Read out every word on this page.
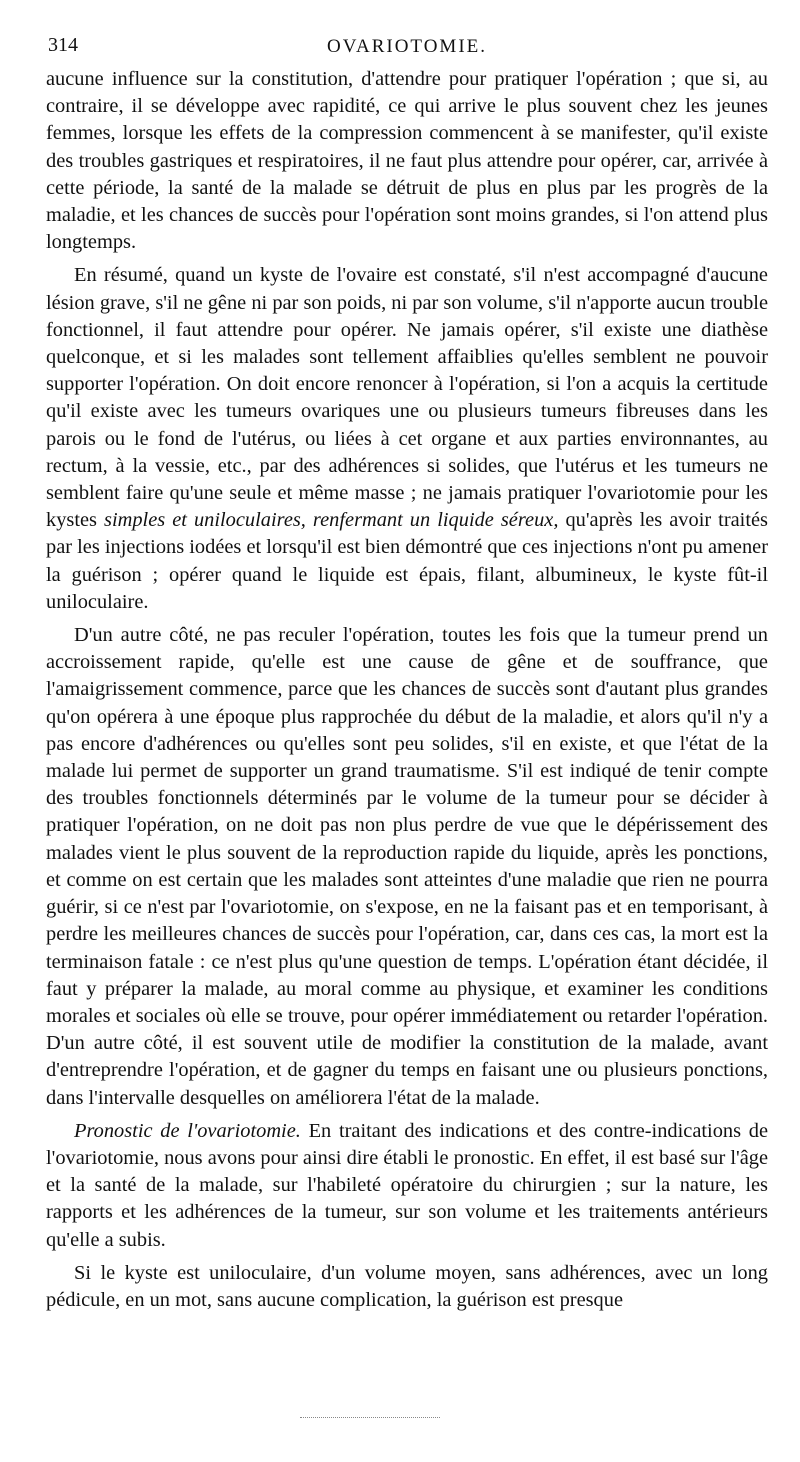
314	OVARIOTOMIE.

aucune influence sur la constitution, d'attendre pour pratiquer l'opération ; que si, au contraire, il se développe avec rapidité, ce qui arrive le plus souvent chez les jeunes femmes, lorsque les effets de la compression commencent à se manifester, qu'il existe des troubles gastriques et respiratoires, il ne faut plus attendre pour opérer, car, arrivée à cette période, la santé de la malade se détruit de plus en plus par les progrès de la maladie, et les chances de succès pour l'opération sont moins grandes, si l'on attend plus longtemps.

En résumé, quand un kyste de l'ovaire est constaté, s'il n'est accompagné d'aucune lésion grave, s'il ne gêne ni par son poids, ni par son volume, s'il n'apporte aucun trouble fonctionnel, il faut attendre pour opérer. Ne jamais opérer, s'il existe une diathèse quelconque, et si les malades sont tellement affaiblies qu'elles semblent ne pouvoir supporter l'opération. On doit encore renoncer à l'opération, si l'on a acquis la certitude qu'il existe avec les tumeurs ovariques une ou plusieurs tumeurs fibreuses dans les parois ou le fond de l'utérus, ou liées à cet organe et aux parties environnantes, au rectum, à la vessie, etc., par des adhérences si solides, que l'utérus et les tumeurs ne semblent faire qu'une seule et même masse ; ne jamais pratiquer l'ovariotomie pour les kystes simples et uniloculaires, renfermant un liquide séreux, qu'après les avoir traités par les injections iodées et lorsqu'il est bien démontré que ces injections n'ont pu amener la guérison ; opérer quand le liquide est épais, filant, albumineux, le kyste fût-il uniloculaire.

D'un autre côté, ne pas reculer l'opération, toutes les fois que la tumeur prend un accroissement rapide, qu'elle est une cause de gêne et de souffrance, que l'amaigrissement commence, parce que les chances de succès sont d'autant plus grandes qu'on opérera à une époque plus rapprochée du début de la maladie, et alors qu'il n'y a pas encore d'adhérences ou qu'elles sont peu solides, s'il en existe, et que l'état de la malade lui permet de supporter un grand traumatisme. S'il est indiqué de tenir compte des troubles fonctionnels déterminés par le volume de la tumeur pour se décider à pratiquer l'opération, on ne doit pas non plus perdre de vue que le dépérissement des malades vient le plus souvent de la reproduction rapide du liquide, après les ponctions, et comme on est certain que les malades sont atteintes d'une maladie que rien ne pourra guérir, si ce n'est par l'ovariotomie, on s'expose, en ne la faisant pas et en temporisant, à perdre les meilleures chances de succès pour l'opération, car, dans ces cas, la mort est la terminaison fatale : ce n'est plus qu'une question de temps. L'opération étant décidée, il faut y préparer la malade, au moral comme au physique, et examiner les conditions morales et sociales où elle se trouve, pour opérer immédiatement ou retarder l'opération. D'un autre côté, il est souvent utile de modifier la constitution de la malade, avant d'entreprendre l'opération, et de gagner du temps en faisant une ou plusieurs ponctions, dans l'intervalle desquelles on améliorera l'état de la malade.

Pronostic de l'ovariotomie. En traitant des indications et des contre-indications de l'ovariotomie, nous avons pour ainsi dire établi le pronostic. En effet, il est basé sur l'âge et la santé de la malade, sur l'habileté opératoire du chirurgien ; sur la nature, les rapports et les adhérences de la tumeur, sur son volume et les traitements antérieurs qu'elle a subis.

Si le kyste est uniloculaire, d'un volume moyen, sans adhérences, avec un long pédicule, en un mot, sans aucune complication, la guérison est presque
